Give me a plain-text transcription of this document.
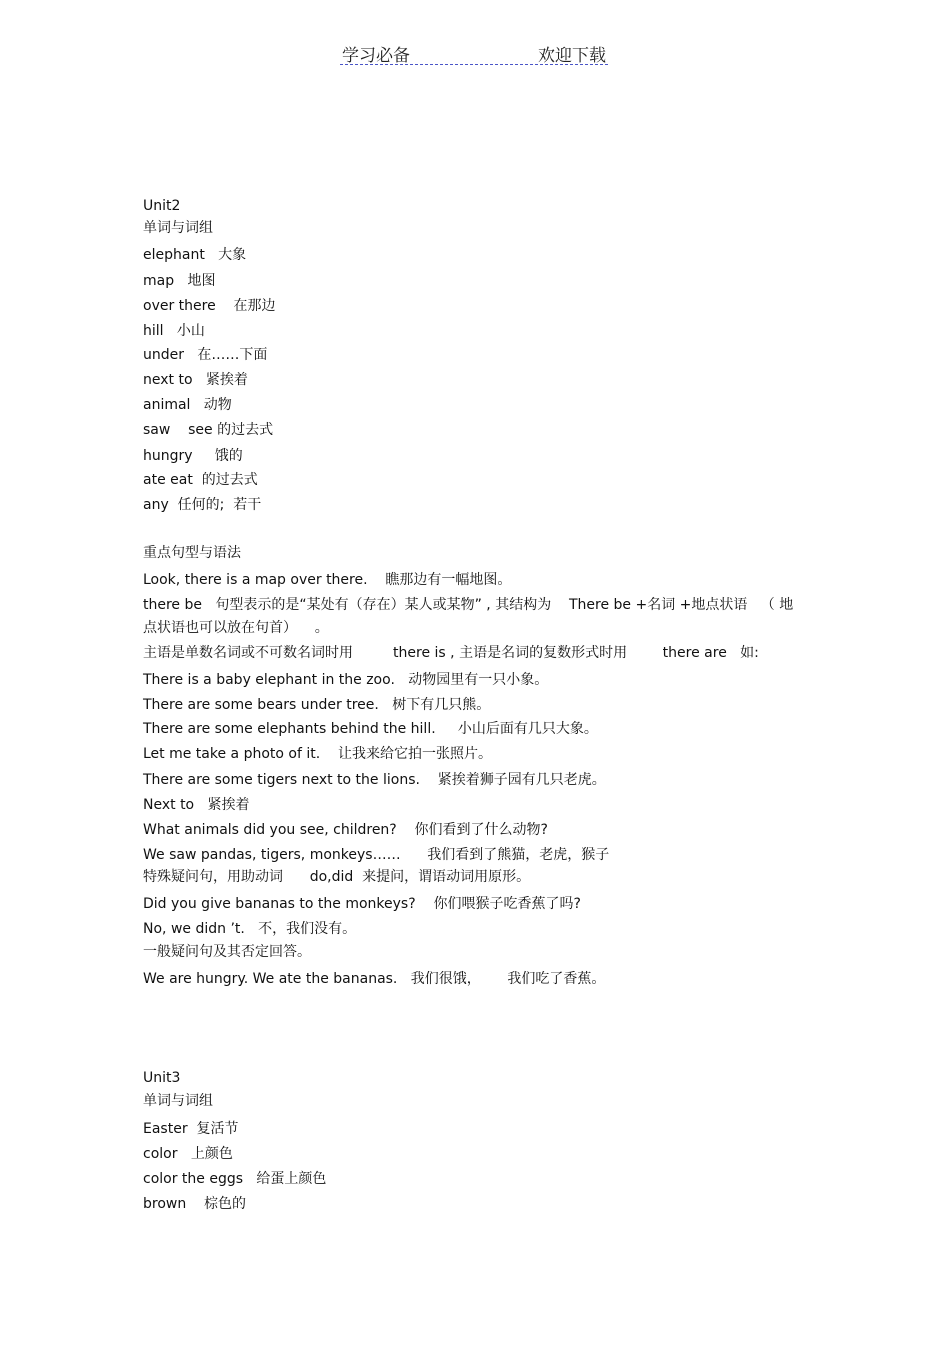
学习必备	欢迎下载
Unit2
单词与词组
elephant   大象
map   地图
over there    在那边
hill   小山
under   在……下面
next to   紧挨着
animal   动物
saw    see 的过去式
hungry     饿的
ate eat  的过去式
any  任何的;  若干
重点句型与语法
Look, there is a map over there.    瞧那边有一幅地图。
there be   句型表示的是“某处有（存在）某人或某物” , 其结构为    There be +名词 +地点状语   （ 地
点状语也可以放在句首）    。
主语是单数名词或不可数名词时用         there is , 主语是名词的复数形式时用        there are   如:
There is a baby elephant in the zoo.   动物园里有一只小象。
There are some bears under tree.   树下有几只熊。
There are some elephants behind the hill.     小山后面有几只大象。
Let me take a photo of it.    让我来给它拍一张照片。
There are some tigers next to the lions.    紧挨着狮子园有几只老虎。
Next to   紧挨着
What animals did you see, children?    你们看到了什么动物?
We saw pandas, tigers, monkeys……      我们看到了熊猫，老虎，猴子
特殊疑问句，用助动词      do,did  来提问，谓语动词用原形。
Did you give bananas to the monkeys?    你们喂猴子吃香蕉了吗?
No, we didn ’t.   不，我们没有。
一般疑问句及其否定回答。
We are hungry. We ate the bananas.   我们很饿，      我们吃了香蕉。
Unit3
单词与词组
Easter  复活节
color   上颜色
color the eggs   给蛋上颜色
brown    棕色的
